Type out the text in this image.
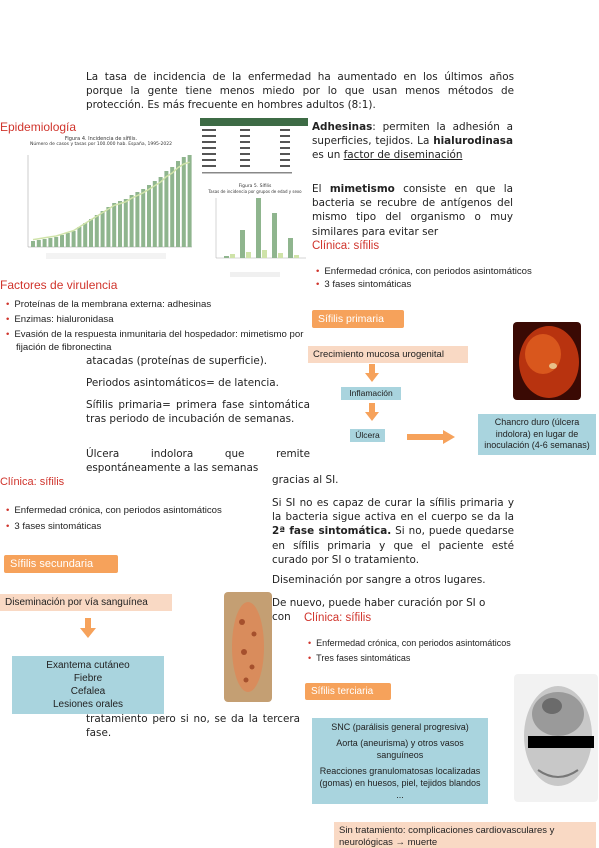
La tasa de incidencia de la enfermedad ha aumentado en los últimos años porque la gente tiene menos miedo por lo que usan menos métodos de protección. Es más frecuente en hombres adultos (8:1).

Epidemiología
Figura 4. Incidencia de sífilis.
Número de casos y tasas por 100.000 hab. España, 1995-2022
Figura 5. Sífilis
Tasas de incidencia por grupos de edad y sexo

Adhesinas: permiten la adhesión a superficies, tejidos. La hialurodinasa es un factor de diseminación

El mimetismo consiste en que la bacteria se recubre de antígenos del mismo tipo del organismo o muy similares para evitar ser

Clínica: sífilis
• Enfermedad crónica, con periodos asintomáticos
• 3 fases sintomáticas
Factores de virulencia
• Proteínas de la membrana externa: adhesinas
• Enzimas: hialuronidasa
• Evasión de la respuesta inmunitaria del hospedador: mimetismo por fijación de fibronectina
Sífilis primaria
Crecimiento mucosa urogenital
Inflamación
Úlcera
Chancro duro (úlcera indolora) en lugar de inoculación (4-6 semanas)

atacadas (proteínas de superficie).

Periodos asintomáticos= de latencia.

Sífilis primaria= primera fase sintomática tras periodo de incubación de semanas.

Úlcera indolora que remite espontáneamente a las semanas

gracias al SI.

Si SI no es capaz de curar la sífilis primaria y la bacteria sigue activa en el cuerpo se da la 2ª fase sintomática. Si no, puede quedarse en sífilis primaria y que el paciente esté curado por SI o tratamiento.

Diseminación por sangre a otros lugares.

De nuevo, puede haber curación por SI o

con

Clínica: sífilis
• Enfermedad crónica, con periodos asintomáticos
• 3 fases sintomáticas
Sífilis secundaria
Diseminación por vía sanguínea
Exantema cutáneo
Fiebre
Cefalea
Lesiones orales
Clínica: sífilis
• Enfermedad crónica, con periodos asintomáticos
• Tres fases sintomáticas
Sífilis terciaria
SNC (parálisis general progresiva)
Aorta (aneurisma) y otros vasos sanguíneos
Reacciones granulomatosas localizadas (gomas) en huesos, piel, tejidos blandos ...
Sin tratamiento: complicaciones cardiovasculares y neurológicas → muerte

tratamiento pero si no, se da la tercera fase.
